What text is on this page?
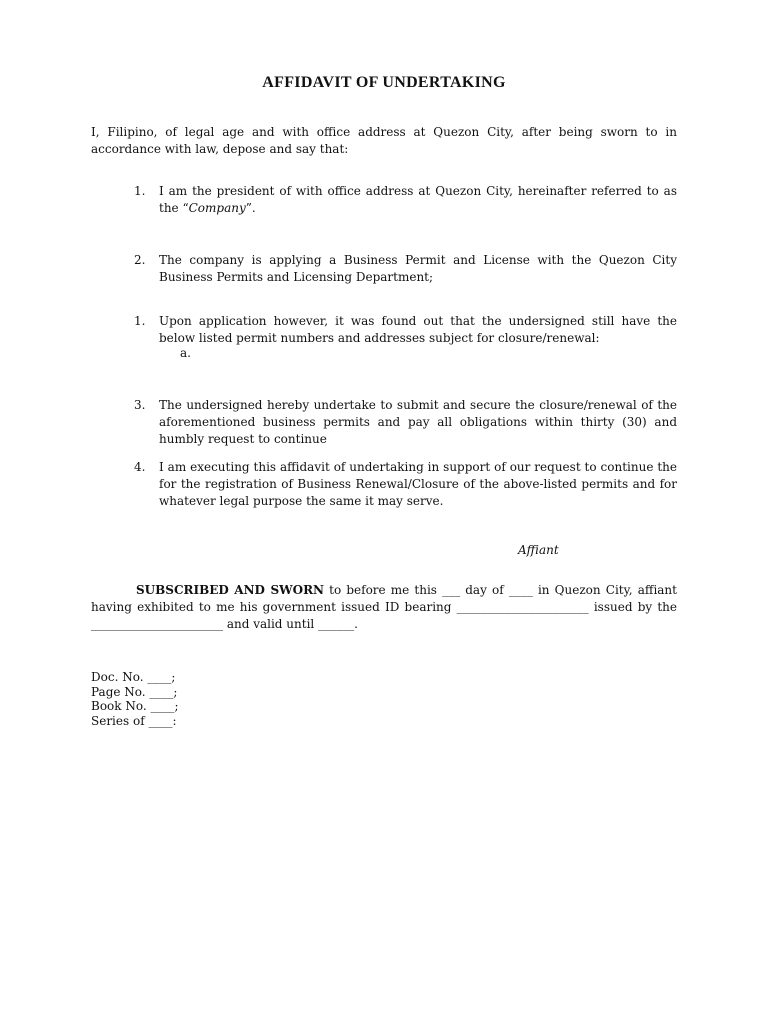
AFFIDAVIT OF UNDERTAKING
I, Filipino, of legal age and with office address at Quezon City, after being sworn to in accordance with law, depose and say that:
1.	I am the president of with office address at Quezon City, hereinafter referred to as the “Company”.
2.	The company is applying a Business Permit and License with the Quezon City Business Permits and Licensing Department;
1.	Upon application however, it was found out that the undersigned still have the below listed permit numbers and addresses subject for closure/renewal:
a.
3.	The undersigned hereby undertake to submit and secure the closure/renewal of the aforementioned business permits and pay all obligations within thirty (30) and humbly request to continue
4.	I am executing this affidavit of undertaking in support of our request to continue the for the registration of Business Renewal/Closure of the above-listed permits and for whatever legal purpose the same it may serve.
Affiant
SUBSCRIBED AND SWORN to before me this ___ day of ____ in Quezon City, affiant having exhibited to me his government issued ID bearing ______________________ issued by the ______________________ and valid until ______.
Doc. No. ____;
Page No. ____;
Book No. ____;
Series of ____:
